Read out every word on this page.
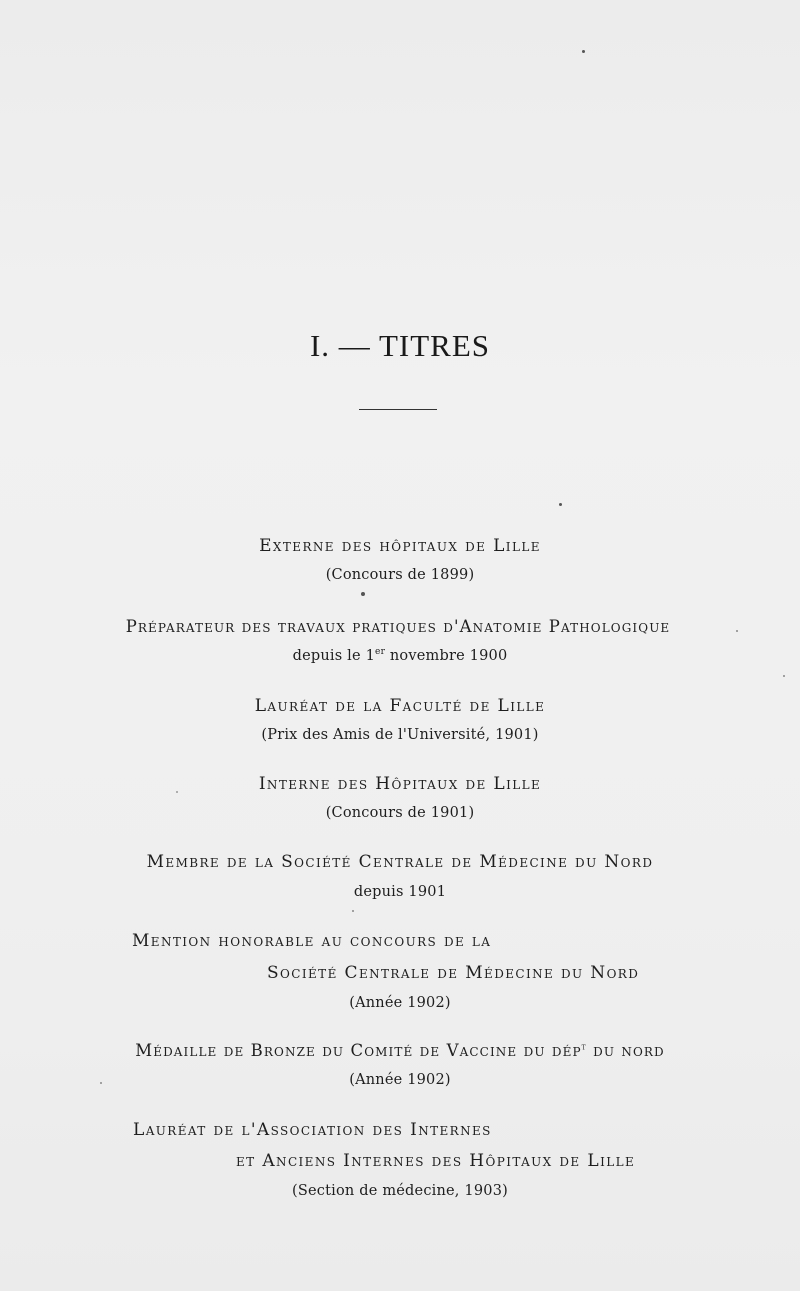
I. — TITRES
Externe des hôpitaux de Lille
(Concours de 1899)
Préparateur des travaux pratiques d'Anatomie Pathologique
depuis le 1er novembre 1900
Lauréat de la Faculté de Lille
(Prix des Amis de l'Université, 1901)
Interne des Hôpitaux de Lille
(Concours de 1901)
Membre de la Société Centrale de Médecine du Nord
depuis 1901
Mention honorable au concours de la
Société Centrale de Médecine du Nord
(Année 1902)
Médaille de Bronze du Comité de Vaccine du dép$^t$ du nord
(Année 1902)
Lauréat de l'Association des Internes
et Anciens Internes des Hôpitaux de Lille
(Section de médecine, 1903)
